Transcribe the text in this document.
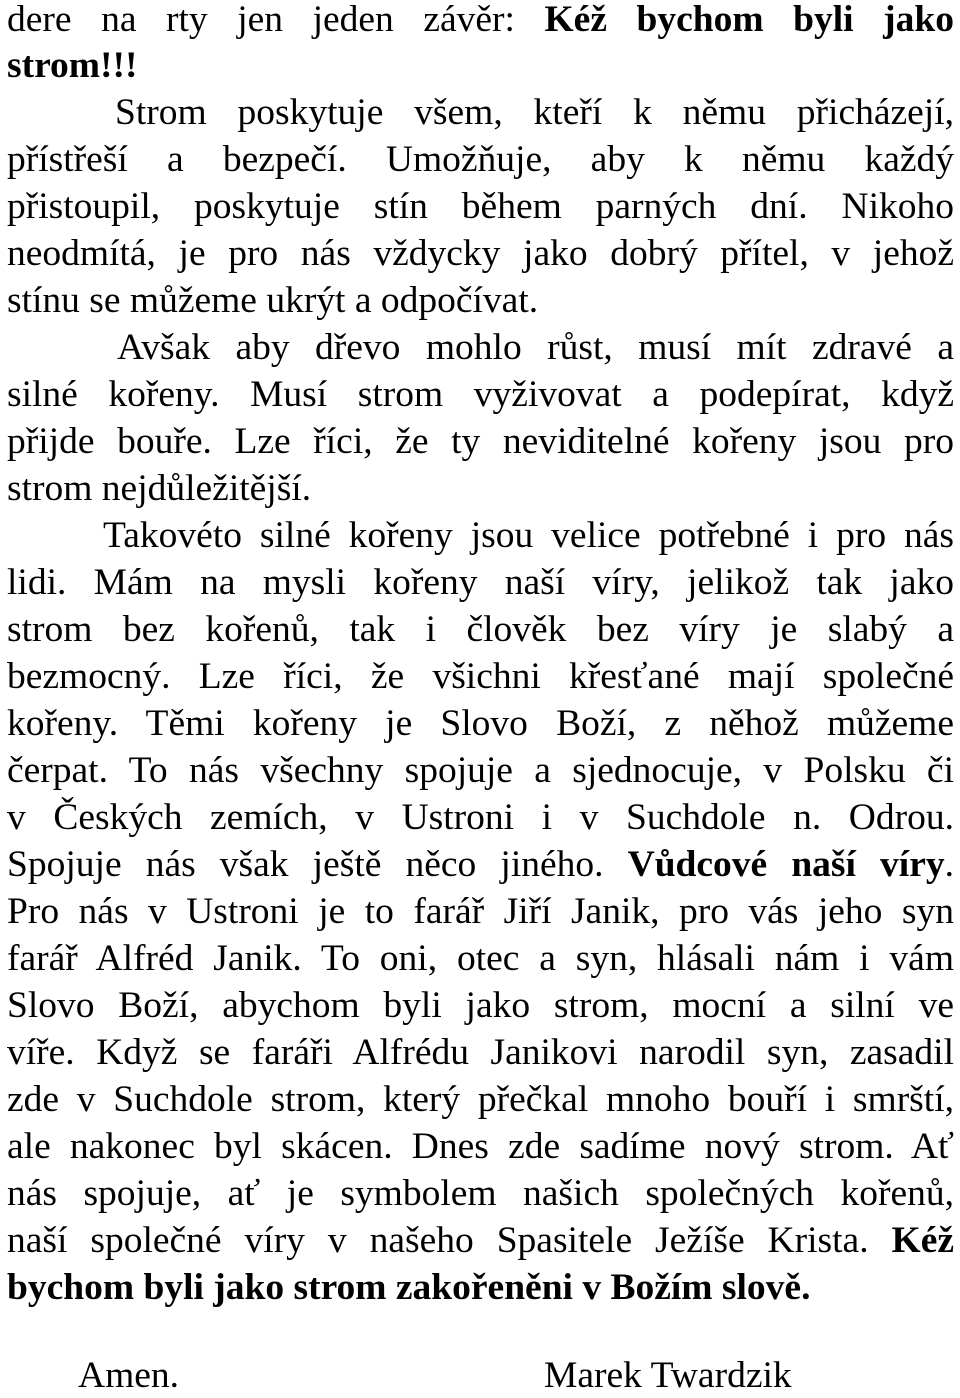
dere na rty jen jeden závěr: Kéž bychom byli jako
strom!!!
Strom poskytuje všem, kteří k němu přicházejí,
přístřeší a bezpečí. Umožňuje, aby k němu každý
přistoupil, poskytuje stín během parných dní. Nikoho
neodmítá, je pro nás vždycky jako dobrý přítel, v jehož
stínu se můžeme ukrýt a odpočívat.
Avšak aby dřevo mohlo růst, musí mít zdravé a
silné kořeny. Musí strom vyživovat a podepírat, když
přijde bouře. Lze říci, že ty neviditelné kořeny jsou pro
strom nejdůležitější.
Takovéto silné kořeny jsou velice potřebné i pro nás
lidi. Mám na mysli kořeny naší víry, jelikož tak jako
strom bez kořenů, tak i člověk bez víry je slabý a
bezmocný. Lze říci, že všichni křesťané mají společné
kořeny. Těmi kořeny je Slovo Boží, z něhož můžeme
čerpat. To nás všechny spojuje a sjednocuje, v Polsku či
v Českých zemích, v Ustroni i v Suchdole n. Odrou.
Spojuje nás však ještě něco jiného. Vůdcové naší víry.
Pro nás v Ustroni je to farář Jiří Janik, pro vás jeho syn
farář Alfréd Janik. To oni, otec a syn, hlásali nám i vám
Slovo Boží, abychom byli jako strom, mocní a silní ve
víře. Když se faráři Alfrédu Janikovi narodil syn, zasadil
zde v Suchdole strom, který přečkal mnoho bouří i smrští,
ale nakonec byl skácen. Dnes zde sadíme nový strom. Ať
nás spojuje, ať je symbolem našich společných kořenů,
naší společné víry v našeho Spasitele Ježíše Krista. Kéž
bychom byli jako strom zakořeněni v Božím slově.
Amen.	Marek Twardzik
